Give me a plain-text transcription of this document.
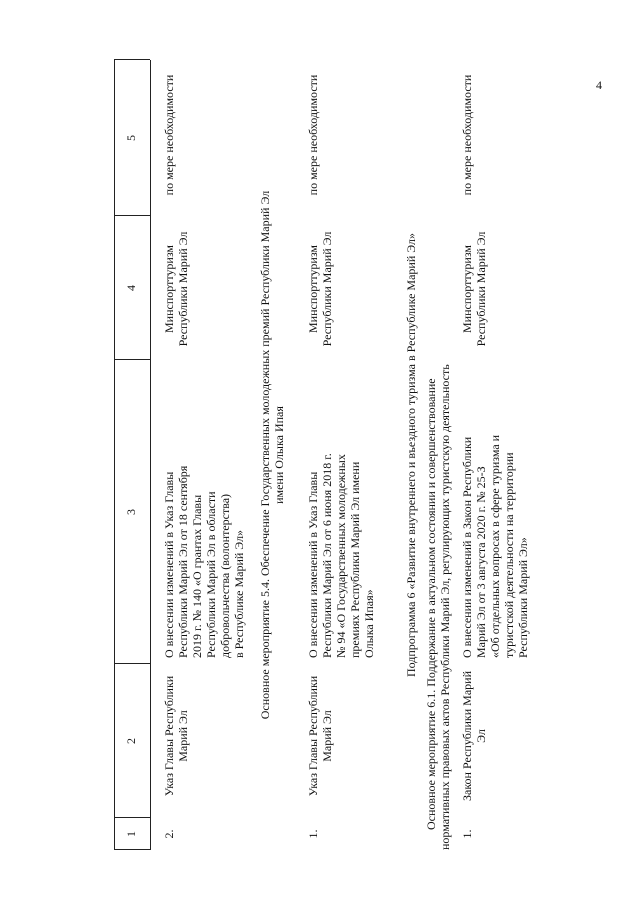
4
1
2
3
4
5
2.
Указ Главы Республики Марий Эл
О внесении изменений в Указ Главы Республики Марий Эл от 18 сентября 2019 г. № 140 «О грантах Главы Республики Марий Эл в области добровольчества (волонтерства) в Республике Марий Эл»
Минспорттуризм Республики Марий Эл
по мере необходимости
Основное мероприятие 5.4. Обеспечение Государственных молодежных премий Республики Марий Эл имени Олыка Ипая
1.
Указ Главы Республики Марий Эл
О внесении изменений в Указ Главы Республики Марий Эл от 6 июня 2018 г. № 94 «О Государственных молодежных премиях Республики Марий Эл имени Олыка Ипая»
Минспорттуризм Республики Марий Эл
по мере необходимости
Подпрограмма 6 «Развитие внутреннего и въездного туризма в Республике Марий Эл» Основное мероприятие 6.1. Поддержание в актуальном состоянии и совершенствование нормативных правовых актов Республики Марий Эл, регулирующих туристскую деятельность 1.
Закон Республики Марий Эл
О внесении изменений в Закон Республики Марий Эл от 3 августа 2020 г. № 25-З «Об отдельных вопросах в сфере туризма и туристской деятельности на территории Республики Марий Эл»
Минспорттуризм Республики Марий Эл
по мере необходимости
